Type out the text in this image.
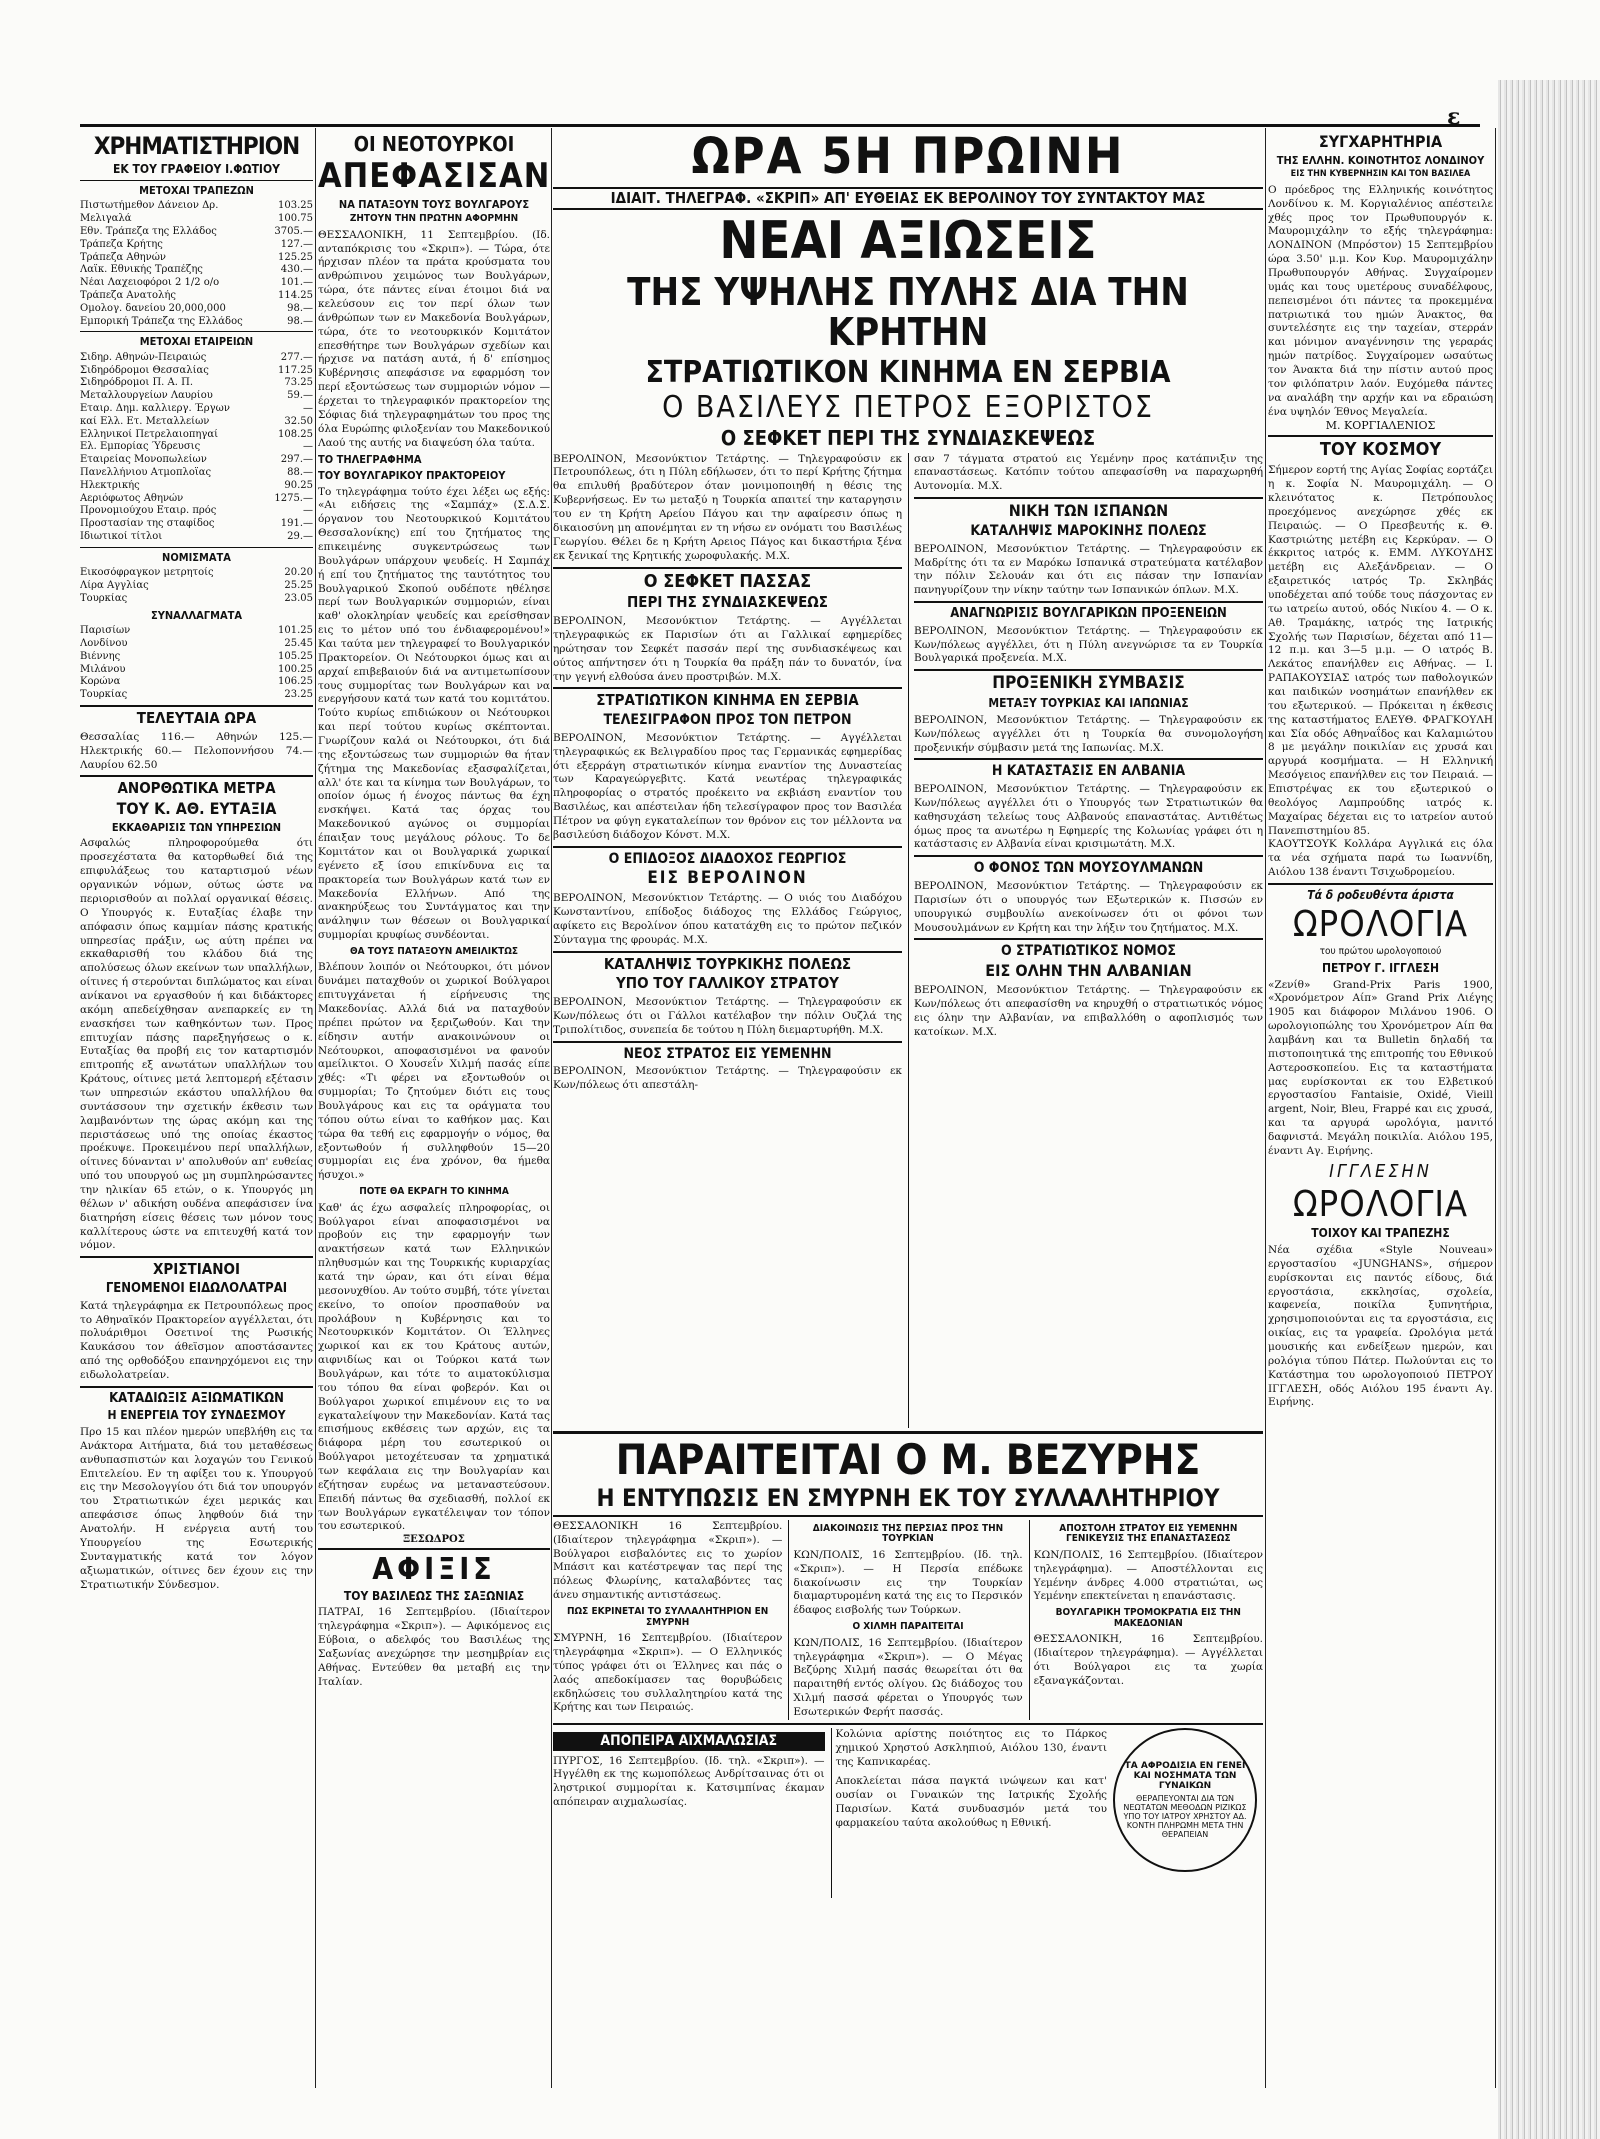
ε
ΧΡΗΜΑΤΙΣΤΗΡΙΟΝ
ΕΚ ΤΟΥ ΓΡΑΦΕΙΟΥ Ι.ΦΩΤΙΟΥ
ΜΕΤΟΧΑΙ ΤΡΑΠΕΖΩΝ
Πιστωτήμεθον Δάνειον Δρ.	103.25
Μελιγαλά	100.75
Εθν. Τράπεζα της Ελλάδος	3705.—
Τράπεζα Κρήτης	127.—
Τράπεζα Αθηνών	125.25
Λαϊκ. Εθνικής Τραπέζης	430.—
Νέαι Λαχειοφόροι 2 1/2 ο/ο	101.—
Τράπεζα Ανατολής	114.25
Ομολογ. δανείου 20,000,000	98.—
Εμπορική Τράπεζα της Ελλάδος	98.—
ΜΕΤΟΧΑΙ ΕΤΑΙΡΕΙΩΝ
Σιδηρ. Αθηνών-Πειραιώς	277.—
Σιδηρόδρομοι Θεσσαλίας	117.25
Σιδηρόδρομοι Π. Α. Π.	73.25
Μεταλλουργείων Λαυρίου	59.—
Εταιρ. Δημ. καλλιεργ. Έργων	—
καί Ελλ. Ετ. Μεταλλείων	32.50
Ελληνικοί Πετρελαιοπηγαί	108.25
Ελ. Εμπορίας Ύδρευσις	—
Εταιρείας Μονοπωλείων	297.—
Πανελλήνιου Ατμοπλοΐας	88.—
Ηλεκτρικής	90.25
Αεριόφωτος Αθηνών	1275.—
Προνομιούχου Εταιρ. πρός	—
Προστασίαν της σταφίδος	191.—
Ιδιωτικοί τίτλοι	29.—
ΝΟΜΙΣΜΑΤΑ
Εικοσόφραγκον μετρητοίς	20.20
Λίρα Αγγλίας	25.25
Τουρκίας	23.05
ΣΥΝΑΛΛΑΓΜΑΤΑ
Παρισίων	101.25
Λονδίνου	25.45
Βιέννης	105.25
Μιλάνου	100.25
Κορώνα	106.25
Τουρκίας	23.25
ΤΕΛΕΥΤΑΙΑ ΩΡΑ
Θεσσαλίας 116.— Αθηνών 125.— Ηλεκτρικής 60.— Πελοποννήσου 74.— Λαυρίου 62.50
ΑΝΟΡΘΩΤΙΚΑ ΜΕΤΡΑ
ΤΟΥ Κ. ΑΘ. ΕΥΤΑΞΙΑ
ΕΚΚΑΘΑΡΙΣΙΣ ΤΩΝ ΥΠΗΡΕΣΙΩΝ
Ασφαλώς πληροφορούμεθα ότι προσεχέστατα θα κατορθωθεί διά της επιφυλάξεως του καταρτισμού νέων οργανικών νόμων, ούτως ώστε να περιορισθούν αι πολλαί οργανικαί θέσεις. Ο Υπουργός κ. Ευταξίας έλαβε την απόφασιν όπως καμμίαν πάσης κρατικής υπηρεσίας πράξιν, ως αύτη πρέπει να εκκαθαρισθή του κλάδου διά της απολύσεως όλων εκείνων των υπαλλήλων, οίτινες ή στερούνται διπλώματος και είναι ανίκανοι να εργασθούν ή και διδάκτορες ακόμη απεδείχθησαν ανεπαρκείς εν τη ενασκήσει των καθηκόντων των. Προς επιτυχίαν πάσης παρεξηγήσεως ο κ. Ευταξίας θα προβή εις τον καταρτισμόν επιτροπής εξ ανωτάτων υπαλλήλων του Κράτους, οίτινες μετά λεπτομερή εξέτασιν των υπηρεσιών εκάστου υπαλλήλου θα συντάσσουν την σχετικήν έκθεσιν των λαμβανόντων της ώρας ακόμη και της περιστάσεως υπό της οποίας έκαστος προέκυψε. Προκειμένου περί υπαλλήλων, οίτινες δύνανται ν' απολυθούν απ' ευθείας υπό του υπουργού ως μη συμπληρώσαντες την ηλικίαν 65 ετών, ο κ. Υπουργός μη θέλων ν' αδικήση ουδένα απεφάσισεν ίνα διατηρήση είσεις θέσεις των μόνον τους καλλίτερους ώστε να επιτευχθή κατά τον νόμον.
ΧΡΙΣΤΙΑΝΟΙ
ΓΕΝΟΜΕΝΟΙ ΕΙΔΩΛΟΛΑΤΡΑΙ
Κατά τηλεγράφημα εκ Πετρουπόλεως προς το Αθηναϊκόν Πρακτορείον αγγέλλεται, ότι πολυάριθμοι Οσετινοί της Ρωσικής Καυκάσου τον άθεϊσμον αποστάσαντες από της ορθοδόξου επανηρχόμενοι εις την ειδωλολατρείαν.
ΚΑΤΑΔΙΩΞΙΣ ΑΞΙΩΜΑΤΙΚΩΝ
Η ΕΝΕΡΓΕΙΑ ΤΟΥ ΣΥΝΔΕΣΜΟΥ
Προ 15 και πλέον ημερών υπεβλήθη εις τα Ανάκτορα Αιτήματα, διά του μεταθέσεως ανθυπασπιστών και λοχαγών του Γενικού Επιτελείου. Εν τη αφίξει του κ. Υπουργού εις την Μεσολογγίου ότι διά τον υπουργόν του Στρατιωτικών έχει μερικάς και απεφάσισε όπως ληφθούν διά την Ανατολήν. Η ενέργεια αυτή του Υπουργείου της Εσωτερικής Συνταγματικής κατά τον λόγον αξιωματικών, οίτινες δεν έχουν εις την Στρατιωτικήν Σύνδεσμον.
ΟΙ ΝΕΟΤΟΥΡΚΟΙ
ΑΠΕΦΑΣΙΣΑΝ
ΝΑ ΠΑΤΑΞΟΥΝ ΤΟΥΣ ΒΟΥΛΓΑΡΟΥΣ
ΖΗΤΟΥΝ ΤΗΝ ΠΡΩΤΗΝ ΑΦΟΡΜΗΝ
ΘΕΣΣΑΛΟΝΙΚΗ, 11 Σεπτεμβρίου. (Ιδ. ανταπόκρισις του «Σκριπ»). — Τώρα, ότε ήρχισαν πλέον τα πράτα κρούσματα του ανθρώπινου χειμώνος των Βουλγάρων, τώρα, ότε πάντες είναι έτοιμοι διά να κελεύσουν εις τον περί όλων των άνθρώπων των εν Μακεδονία Βουλγάρων, τώρα, ότε το νεοτουρκικόν Κομιτάτον επεσθήτηρε των Βουλγάρων σχεδίων και ήρχισε να πατάση αυτά, ή δ' επίσημος Κυβέρνησις απεφάσισε να εφαρμόση τον περί εξοντώσεως των συμμοριών νόμον — έρχεται το τηλεγραφικόν πρακτορείον της Σόφιας διά τηλεγραφημάτων του προς της όλα Ευρώπης φιλοξενίαν του Μακεδονικού Λαού της αυτής να διαψεύση όλα ταύτα.
ΤΟ ΤΗΛΕΓΡΑΦΗΜΑ
ΤΟΥ ΒΟΥΛΓΑΡΙΚΟΥ ΠΡΑΚΤΟΡΕΙΟΥ
Το τηλεγράφημα τούτο έχει λέξει ως εξής: «Αι ειδήσεις της «Σαμπάχ» (Σ.Δ.Σ. όργανον του Νεοτουρκικού Κομιτάτου Θεσσαλονίκης) επί του ζητήματος της επικειμένης συγκεντρώσεως των Βουλγάρων υπάρχουν ψευδείς. Η Σαμπάχ ή επί του ζητήματος της ταυτότητος του Βουλγαρικού Σκοπού ουδέποτε ηθέλησε περί των Βουλγαρικών συμμοριών, είναι καθ' ολοκληρίαν ψευδείς και ερείσθησαν εις το μέτον υπό του ένδιαφερομένου!» Και ταύτα μεν τηλεγραφεί το Βουλγαρικόν Πρακτορείον. Οι Νεότουρκοι όμως και αι αρχαί επιβεβαιούν διά να αντιμετωπίσουν τους συμμορίτας των Βουλγάρων και να ενεργήσουν κατά των κατά του κομιτάτου. Τούτο κυρίως επιδιώκουν οι Νεότουρκοι και περί τούτου κυρίως σκέπτονται. Γνωρίζουν καλά οι Νεότουρκοι, ότι διά της εξοντώσεως των συμμοριών θα ήταν ζήτημα της Μακεδονίας εξασφαλίζεται, αλλ' ότε και τα κίνημα των Βουλγάρων, το οποίον όμως ή ένοχος πάντως θα έχη ενσκήψει. Κατά τας όρχας του Μακεδονικού αγώνος οι συμμορίαι έπαιξαν τους μεγάλους ρόλους. Το δε Κομιτάτον και οι Βουλγαρικά χωρικαί εγένετο εξ ίσου επικίνδυνα εις τα πρακτορεία των Βουλγάρων κατά των εν Μακεδονία Ελλήνων. Από της ανακηρύξεως του Συντάγματος και την ανάληψιν των θέσεων οι Βουλγαρικαί συμμορίαι κρυφίως συνδέονται.
ΘΑ ΤΟΥΣ ΠΑΤΑΞΟΥΝ ΑΜΕΙΛΙΚΤΩΣ
Βλέπουν λοιπόν οι Νεότουρκοι, ότι μόνον δυνάμει παταχθούν οι χωρικοί Βούλγαροι επιτυγχάνεται ή είρήνευσις της Μακεδονίας. Αλλά διά να παταχθούν πρέπει πρώτον να ξεριζωθούν. Και την είδησιν αυτήν ανακοινώνουν οι Νεότουρκοι, αποφασισμένοι να φανούν αμείλικτοι. Ο Χουσεΐν Χιλμή πασάς είπε χθές: «Τι φέρει να εξοντωθούν οι συμμορίαι; Το ζητούμεν διότι εις τους Βουλγάρους και εις τα οράγματα του τόπου ούτω είναι το καθήκον μας. Και τώρα θα τεθή εις εφαρμογήν ο νόμος, θα εξοντωθούν ή συλληφθούν 15—20 συμμορίαι εις ένα χρόνον, θα ήμεθα ήσυχοι.»
ΠΟΤΕ ΘΑ ΕΚΡΑΓΗ ΤΟ ΚΙΝΗΜΑ
Καθ' άς έχω ασφαλείς πληροφορίας, οι Βούλγαροι είναι αποφασισμένοι να προβούν εις την εφαρμογήν των ανακτήσεων κατά των Ελληνικών πληθυσμών και της Τουρκικής κυριαρχίας κατά την ώραν, και ότι είναι θέμα μεσονυχθίου. Αν τούτο συμβή, τότε γίνεται εκείνο, το οποίον προσπαθούν να προλάβουν η Κυβέρνησις και το Νεοτουρκικόν Κομιτάτον. Οι Έλληνες χωρικοί και εκ του Κράτους αυτών, αιφνιδίως και οι Τούρκοι κατά των Βουλγάρων, και τότε το αιματοκύλισμα του τόπου θα είναι φοβερόν. Και οι Βούλγαροι χωρικοί επιμένουν εις το να εγκαταλείψουν την Μακεδονίαν. Κατά τας επισήμους εκθέσεις των αρχών, εις τα διάφορα μέρη του εσωτερικού οι Βούλγαροι μετοχέτευσαν τα χρηματικά των κεφάλαια εις την Βουλγαρίαν και εζήτησαν ευρέως να μεταναστεύσουν. Επειδή πάντως θα σχεδιασθή, πολλοί εκ των Βουλγάρων εγκατέλειψαν τον τόπον του εσωτερικού.
ΞΕΣΩΔΡΟΣ
ΑΦΙΞΙΣ
ΤΟΥ ΒΑΣΙΛΕΩΣ ΤΗΣ ΣΑΞΩΝΙΑΣ
ΠΑΤΡΑΙ, 16 Σεπτεμβρίου. (Ιδιαίτερον τηλεγράφημα «Σκριπ»). — Αφικόμενος εις Εύβοια, ο αδελφός του Βασιλέως της Σαξωνίας ανεχώρησε την μεσημβρίαν εις Αθήνας. Εντεύθεν θα μεταβή εις την Ιταλίαν.
ΩΡΑ 5Η ΠΡΩΙΝΗ
ΙΔΙΑΙΤ. ΤΗΛΕΓΡΑΦ. «ΣΚΡΙΠ» ΑΠ' ΕΥΘΕΙΑΣ ΕΚ ΒΕΡΟΛΙΝΟΥ ΤΟΥ ΣΥΝΤΑΚΤΟΥ ΜΑΣ
ΝΕΑΙ ΑΞΙΩΣΕΙΣ
ΤΗΣ ΥΨΗΛΗΣ ΠΥΛΗΣ ΔΙΑ ΤΗΝ ΚΡΗΤΗΝ
ΣΤΡΑΤΙΩΤΙΚΟΝ ΚΙΝΗΜΑ ΕΝ ΣΕΡΒΙΑ
Ο ΒΑΣΙΛΕΥΣ ΠΕΤΡΟΣ ΕΞΟΡΙΣΤΟΣ
Ο ΣΕΦΚΕΤ ΠΕΡΙ ΤΗΣ ΣΥΝΔΙΑΣΚΕΨΕΩΣ
ΒΕΡΟΛΙΝΟΝ, Μεσονύκτιον Τετάρτης. — Τηλεγραφούσιν εκ Πετρουπόλεως, ότι η Πύλη εδήλωσεν, ότι το περί Κρήτης ζήτημα θα επιλυθή βραδύτερον όταν μονιμοποιηθή η θέσις της Κυβερνήσεως. Εν τω μεταξύ η Τουρκία απαιτεί την καταργησιν του εν τη Κρήτη Αρείου Πάγου και την αφαίρεσιν όπως η δικαιοσύνη μη απονέμηται εν τη νήσω εν ονόματι του Βασιλέως Γεωργίου. Θέλει δε η Κρήτη Αρειος Πάγος και δικαστήρια ξένα εκ ξενικαί της Κρητικής χωροφυλακής. Μ.Χ.
Ο ΣΕΦΚΕΤ ΠΑΣΣΑΣ
ΠΕΡΙ ΤΗΣ ΣΥΝΔΙΑΣΚΕΨΕΩΣ
ΒΕΡΟΛΙΝΟΝ, Μεσονύκτιον Τετάρτης. — Αγγέλλεται τηλεγραφικώς εκ Παρισίων ότι αι Γαλλικαί εφημερίδες ηρώτησαν τον Σεφκέτ πασσάν περί της συνδιασκέψεως και ούτος απήντησεν ότι η Τουρκία θα πράξη πάν το δυνατόν, ίνα την γεγνή ελθούσα άνευ προστριβών. Μ.Χ.
ΣΤΡΑΤΙΩΤΙΚΟΝ ΚΙΝΗΜΑ ΕΝ ΣΕΡΒΙΑ
ΤΕΛΕΣΙΓΡΑΦΟΝ ΠΡΟΣ ΤΟΝ ΠΕΤΡΟΝ
ΒΕΡΟΛΙΝΟΝ, Μεσονύκτιον Τετάρτης. — Αγγέλλεται τηλεγραφικώς εκ Βελιγραδίου προς τας Γερμανικάς εφημερίδας ότι εξερράγη στρατιωτικόν κίνημα εναντίον της Δυναστείας των Καραγεώργεβιτς. Κατά νεωτέρας τηλεγραφικάς πληροφορίας ο στρατός προέκειτο να εκβιάση εναντίον του Βασιλέως, και απέστειλαν ήδη τελεσίγραφον προς τον Βασιλέα Πέτρον να φύγη εγκαταλείπων τον θρόνον εις τον μέλλοντα να βασιλεύση διάδοχον Κόνστ. Μ.Χ.
Ο ΕΠΙΔΟΞΟΣ ΔΙΑΔΟΧΟΣ ΓΕΩΡΓΙΟΣ
ΕΙΣ ΒΕΡΟΛΙΝΟΝ
ΒΕΡΟΛΙΝΟΝ, Μεσονύκτιον Τετάρτης. — Ο υιός του Διαδόχου Κωνσταντίνου, επίδοξος διάδοχος της Ελλάδος Γεώργιος, αφίκετο εις Βερολίνον όπου κατατάχθη εις το πρώτον πεζικόν Σύνταγμα της φρουράς. Μ.Χ.
ΚΑΤΑΛΗΨΙΣ ΤΟΥΡΚΙΚΗΣ ΠΟΛΕΩΣ
ΥΠΟ ΤΟΥ ΓΑΛΛΙΚΟΥ ΣΤΡΑΤΟΥ
ΒΕΡΟΛΙΝΟΝ, Μεσονύκτιον Τετάρτης. — Τηλεγραφούσιν εκ Κων/πόλεως ότι οι Γάλλοι κατέλαβον την πόλιν Ουζλά της Τριπολίτιδος, συνεπεία δε τούτου η Πύλη διεμαρτυρήθη. Μ.Χ.
ΝΕΟΣ ΣΤΡΑΤΟΣ ΕΙΣ ΥΕΜΕΝΗΝ
ΒΕΡΟΛΙΝΟΝ, Μεσονύκτιον Τετάρτης. — Τηλεγραφούσιν εκ Κων/πόλεως ότι απεστάλη-
σαν 7 τάγματα στρατού εις Υεμένην προς κατάπνιξιν της επαναστάσεως. Κατόπιν τούτου απεφασίσθη να παραχωρηθή Αυτονομία. Μ.Χ.
ΝΙΚΗ ΤΩΝ ΙΣΠΑΝΩΝ
ΚΑΤΑΛΗΨΙΣ ΜΑΡΟΚΙΝΗΣ ΠΟΛΕΩΣ
ΒΕΡΟΛΙΝΟΝ, Μεσονύκτιον Τετάρτης. — Τηλεγραφούσιν εκ Μαδρίτης ότι τα εν Μαρόκω Ισπανικά στρατεύματα κατέλαβον την πόλιν Σελουάν και ότι εις πάσαν την Ισπανίαν πανηγυρίζουν την νίκην ταύτην των Ισπανικών όπλων. Μ.Χ.
ΑΝΑΓΝΩΡΙΣΙΣ ΒΟΥΛΓΑΡΙΚΩΝ ΠΡΟΞΕΝΕΙΩΝ
ΒΕΡΟΛΙΝΟΝ, Μεσονύκτιον Τετάρτης. — Τηλεγραφούσιν εκ Κων/πόλεως αγγέλλει, ότι η Πύλη ανεγνώρισε τα εν Τουρκία Βουλγαρικά προξενεία. Μ.Χ.
ΠΡΟΞΕΝΙΚΗ ΣΥΜΒΑΣΙΣ
ΜΕΤΑΞΥ ΤΟΥΡΚΙΑΣ ΚΑΙ ΙΑΠΩΝΙΑΣ
ΒΕΡΟΛΙΝΟΝ, Μεσονύκτιον Τετάρτης. — Τηλεγραφούσιν εκ Κων/πόλεως αγγέλλει ότι η Τουρκία θα συνομολογήση προξενικήν σύμβασιν μετά της Ιαπωνίας. Μ.Χ.
Η ΚΑΤΑΣΤΑΣΙΣ ΕΝ ΑΛΒΑΝΙΑ
ΒΕΡΟΛΙΝΟΝ, Μεσονύκτιον Τετάρτης. — Τηλεγραφούσιν εκ Κων/πόλεως αγγέλλει ότι ο Υπουργός των Στρατιωτικών θα καθησυχάση τελείως τους Αλβανούς επαναστάτας. Αντιθέτως όμως προς τα ανωτέρω η Εφημερίς της Κολωνίας γράφει ότι η κατάστασις εν Αλβανία είναι κρισιμωτάτη. Μ.Χ.
Ο ΦΟΝΟΣ ΤΩΝ ΜΟΥΣΟΥΛΜΑΝΩΝ
ΒΕΡΟΛΙΝΟΝ, Μεσονύκτιον Τετάρτης. — Τηλεγραφούσιν εκ Παρισίων ότι ο υπουργός των Εξωτερικών κ. Πισσών εν υπουργικώ συμβουλίω ανεκοίνωσεν ότι οι φόνοι των Μουσουλμάνων εν Κρήτη και την λήξιν του ζητήματος. Μ.Χ.
Ο ΣΤΡΑΤΙΩΤΙΚΟΣ ΝΟΜΟΣ
ΕΙΣ ΟΛΗΝ ΤΗΝ ΑΛΒΑΝΙΑΝ
ΒΕΡΟΛΙΝΟΝ, Μεσονύκτιον Τετάρτης. — Τηλεγραφούσιν εκ Κων/πόλεως ότι απεφασίσθη να κηρυχθή ο στρατιωτικός νόμος εις όλην την Αλβανίαν, να επιβαλλόθη ο αφοπλισμός των κατοίκων. Μ.Χ.
ΠΑΡΑΙΤΕΙΤΑΙ Ο Μ. ΒΕΖΥΡΗΣ
Η ΕΝΤΥΠΩΣΙΣ ΕΝ ΣΜΥΡΝΗ ΕΚ ΤΟΥ ΣΥΛΛΑΛΗΤΗΡΙΟΥ
ΘΕΣΣΑΛΟΝΙΚΗ 16 Σεπτεμβρίου. (Ιδιαίτερον τηλεγράφημα «Σκριπ»). — Βούλγαροι εισβαλόντες εις το χωρίον Μπάσιτ και κατέστρεψαν τας περί της πόλεως Φλωρίνης, καταλαβόντες τας άνευ σημαντικής αντιστάσεως.
ΠΩΣ ΕΚΡΙΝΕΤΑΙ ΤΟ ΣΥΛΛΑΛΗΤΗΡΙΟΝ ΕΝ ΣΜΥΡΝΗ
ΣΜΥΡΝΗ, 16 Σεπτεμβρίου. (Ιδιαίτερον τηλεγράφημα «Σκριπ»). — Ο Ελληνικός τύπος γράφει ότι οι Έλληνες και πάς ο λαός απεδοκίμασεν τας θορυβώδεις εκδηλώσεις του συλλαλητηρίου κατά της Κρήτης και των Πειραιώς.
ΔΙΑΚΟΙΝΩΣΙΣ ΤΗΣ ΠΕΡΣΙΑΣ ΠΡΟΣ ΤΗΝ ΤΟΥΡΚΙΑΝ
ΚΩΝ/ΠΟΛΙΣ, 16 Σεπτεμβρίου. (Ιδ. τηλ. «Σκριπ»). — Η Περσία επέδωκε διακοίνωσιν εις την Τουρκίαν διαμαρτυρομένη κατά της εις το Περσικόν έδαφος εισβολής των Τούρκων.
Ο ΧΙΛΜΗ ΠΑΡΑΙΤΕΙΤΑΙ
ΚΩΝ/ΠΟΛΙΣ, 16 Σεπτεμβρίου. (Ιδιαίτερον τηλεγράφημα «Σκριπ»). — Ο Μέγας Βεζύρης Χιλμή πασάς θεωρείται ότι θα παραιτηθή εντός ολίγου. Ως διάδοχος του Χιλμή πασσά φέρεται ο Υπουργός των Εσωτερικών Φερήτ πασσάς.
ΑΠΟΣΤΟΛΗ ΣΤΡΑΤΟΥ ΕΙΣ ΥΕΜΕΝΗΝ ΓΕΝΙΚΕΥΣΙΣ ΤΗΣ ΕΠΑΝΑΣΤΑΣΕΩΣ
ΚΩΝ/ΠΟΛΙΣ, 16 Σεπτεμβρίου. (Ιδιαίτερον τηλεγράφημα). — Αποστέλλονται εις Υεμένην άνδρες 4.000 στρατιώται, ως Υεμένην επεκτείνεται η επανάστασις.
ΒΟΥΛΓΑΡΙΚΗ ΤΡΟΜΟΚΡΑΤΙΑ ΕΙΣ ΤΗΝ ΜΑΚΕΔΟΝΙΑΝ
ΘΕΣΣΑΛΟΝΙΚΗ, 16 Σεπτεμβρίου. (Ιδιαίτερον τηλεγράφημα). — Αγγέλλεται ότι Βούλγαροι εις τα χωρία εξαναγκάζονται.
ΑΠΟΠΕΙΡΑ ΑΙΧΜΑΛΩΣΙΑΣ
ΠΥΡΓΟΣ, 16 Σεπτεμβρίου. (Ιδ. τηλ. «Σκριπ»). — Ηγγέλθη εκ της κωμοπόλεως Ανδρίτσαινας ότι οι ληστρικοί συμμορίται κ. Κατσιμπίνας έκαμαν απόπειραν αιχμαλωσίας.
Κολώνια αρίστης ποιότητος εις το Πάρκος χημικού Χρηστού Ασκληπιού, Αιόλου 130, έναντι της Καπνικαρέας.
Αποκλείεται πάσα παγκτά ινώψεων και κατ' ουσίαν οι Γυναικών της Ιατρικής Σχολής Παρισίων. Κατά συνδυασμόν μετά του φαρμακείου ταύτα ακολούθως η Εθνική.
ΤΑ ΑΦΡΟΔΙΣΙΑ ΕΝ ΓΕΝΕΙ ΚΑΙ ΝΟΣΗΜΑΤΑ ΤΩΝ ΓΥΝΑΙΚΩΝ
ΘΕΡΑΠΕΥΟΝΤΑΙ ΔΙΑ ΤΩΝ ΝΕΩΤΑΤΩΝ ΜΕΘΟΔΩΝ ΡΙΖΙΚΩΣ ΥΠΟ ΤΟΥ ΙΑΤΡΟΥ ΧΡΗΣΤΟΥ ΑΔ. ΚΟΝΤΗ ΠΛΗΡΩΜΗ ΜΕΤΑ ΤΗΝ ΘΕΡΑΠΕΙΑΝ
ΣΥΓΧΑΡΗΤΗΡΙΑ
ΤΗΣ ΕΛΛΗΝ. ΚΟΙΝΟΤΗΤΟΣ ΛΟΝΔΙΝΟΥ
ΕΙΣ ΤΗΝ ΚΥΒΕΡΝΗΣΙΝ ΚΑΙ ΤΟΝ ΒΑΣΙΛΕΑ
Ο πρόεδρος της Ελληνικής κοινότητος Λονδίνου κ. Μ. Κοργιαλένιος απέστειλε χθές προς τον Πρωθυπουργόν κ. Μαυρομιχάλην το εξής τηλεγράφημα: ΛΟΝΔΙΝΟΝ (Μπρόστον) 15 Σεπτεμβρίου ώρα 3.50' μ.μ. Κον Κυρ. Μαυρομιχάλην Πρωθυπουργόν Αθήνας. Συγχαίρομεν υμάς και τους υμετέρους συναδέλφους, πεπεισμένοι ότι πάντες τα προκεμμένα πατριωτικά του ημών Άνακτος, θα συντελέσητε εις την ταχείαν, στερράν και μόνιμον αναγέννησιν της γεραράς ημών πατρίδος. Συγχαίρομεν ωσαύτως τον Άνακτα διά την πίστιν αυτού προς τον φιλόπατριν λαόν. Ευχόμεθα πάντες να αναλάβη την αρχήν και να εδραιώση ένα υψηλόν Έθνος Μεγαλεία.
Μ. ΚΟΡΓΙΑΛΕΝΙΟΣ
ΤΟΥ ΚΟΣΜΟΥ
Σήμερον εορτή της Αγίας Σοφίας εορτάζει η κ. Σοφία Ν. Μαυρομιχάλη. — Ο κλεινότατος κ. Πετρόπουλος προεχόμενος ανεχώρησε χθές εκ Πειραιώς. — Ο Πρεσβευτής κ. Θ. Καστριώτης μετέβη εις Κερκύραν. — Ο έκκριτος ιατρός κ. ΕΜΜ. ΛΥΚΟΥΔΗΣ μετέβη εις Αλεξάνδρειαν. — Ο εξαιρετικός ιατρός Τρ. Σκληβάς υποδέχεται από τούδε τους πάσχοντας εν τω ιατρείω αυτού, οδός Νικίου 4. — Ο κ. Αθ. Τραμάκης, ιατρός της Ιατρικής Σχολής των Παρισίων, δέχεται από 11—12 π.μ. και 3—5 μ.μ. — Ο ιατρός Β. Λεκάτος επανήλθεν εις Αθήνας. — Ι. ΡΑΠΑΚΟΥΣΙΑΣ ιατρός των παθολογικών και παιδικών νοσημάτων επανήλθεν εκ του εξωτερικού. — Πρόκειται η έκθεσις της καταστήματος ΕΛΕΥΘ. ΦΡΑΓΚΟΥΛΗ και Σία οδός Αθηναΐδος και Καλαμιώτου 8 με μεγάλην ποικιλίαν εις χρυσά και αργυρά κοσμήματα. — Η Ελληνική Μεσόγειος επανήλθεν εις τον Πειραιά. — Επιστρέψας εκ του εξωτερικού ο θεολόγος Λαμπρούδης ιατρός κ. Μαχαίρας δέχεται εις το ιατρείον αυτού Πανεπιστημίου 85.
ΚΑΟΥΤΣΟΥΚ Κολλάρα Αγγλικά εις όλα τα νέα σχήματα παρά τω Ιωαννίδη, Αιόλου 138 έναντι Τσιχωδρομείου.
Τά δ ροδευθέντα άριστα
ΩΡΟΛΟΓΙΑ
του πρώτου ωρολογοποιού
ΠΕΤΡΟΥ Γ. ΙΓΓΛΕΣΗ
«Ζενίθ» Grand-Prix Paris 1900, «Χρονόμετρον Αίπ» Grand Prix Λιέγης 1905 και διάφορον Μιλάνου 1906. Ο ωρολογιοπώλης του Χρονόμετρον Αίπ θα λαμβάνη και τα Bulletin δηλαδή τα πιστοποιητικά της επιτροπής του Εθνικού Αστεροσκοπείου. Εις τα καταστήματα μας ευρίσκονται εκ του Ελβετικού εργοστασίου Fantaisie, Oxidé, Vieill argent, Noir, Bleu, Frappé και εις χρυσά, και τα αργυρά ωρολόγια, μανιτό δαφνιστά. Μεγάλη ποικιλία. Αιόλου 195, έναντι Αγ. Ειρήνης.
ΙΓΓΛΕΣΗΝ
ΩΡΟΛΟΓΙΑ
ΤΟΙΧΟΥ ΚΑΙ ΤΡΑΠΕΖΗΣ
Νέα σχέδια «Style Nouveau» εργοστασίου «JUNGHANS», σήμερον ευρίσκονται εις παντός είδους, διά εργοστάσια, εκκλησίας, σχολεία, καφενεία, ποικίλα ξυπνητήρια, χρησιμοποιούνται εις τα εργοστάσια, εις οικίας, εις τα γραφεία. Ωρολόγια μετά μουσικής και ενδείξεων ημερών, και ρολόγια τύπου Πάτερ. Πωλούνται εις το Κατάστημα του ωρολογοποιού ΠΕΤΡΟΥ ΙΓΓΛΕΣΗ, οδός Αιόλου 195 έναντι Αγ. Ειρήνης.
